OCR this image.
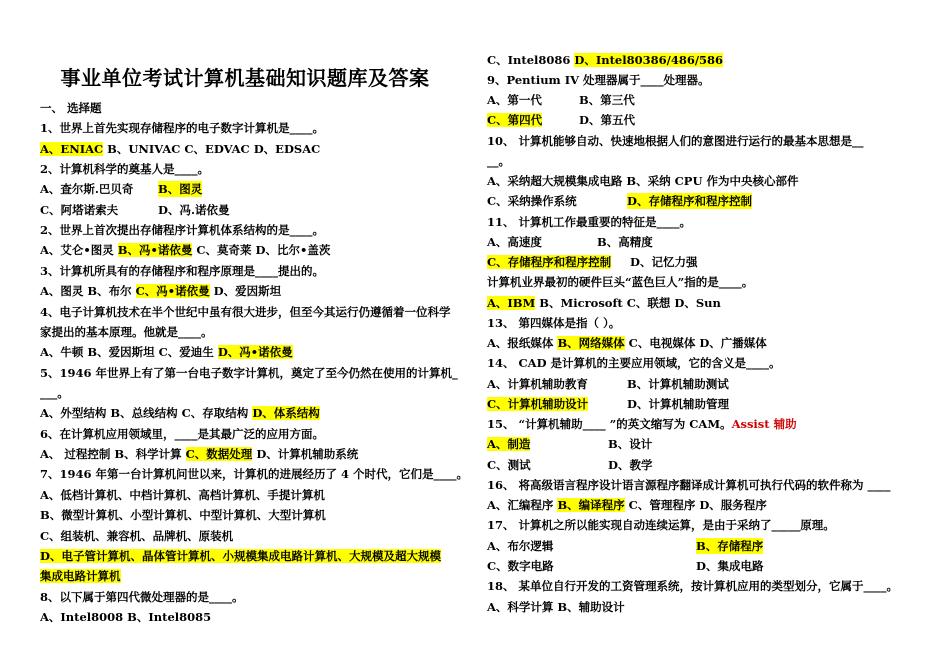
事业单位考试计算机基础知识题库及答案
一、 选择题
1、世界上首先实现存储程序的电子数字计算机是____。
A、ENIAC B、UNIVAC C、EDVAC D、EDSAC
2、计算机科学的奠基人是____。
A、查尔斯.巴贝奇 B、图灵
C、阿塔诺索夫	D、冯.诺依曼
2、世界上首次提出存储程序计算机体系结构的是____。
A、艾仑•图灵 B、冯•诺依曼 C、莫奇莱 D、比尔•盖茨
3、计算机所具有的存储程序和程序原理是____提出的。
A、图灵 B、布尔 C、冯•诺依曼 D、爱因斯坦
4、电子计算机技术在半个世纪中虽有很大进步，但至今其运行仍遵循着一位科学
家提出的基本原理。他就是____。
A、牛顿 B、爱因斯坦 C、爱迪生 D、冯•诺依曼
5、1946 年世界上有了第一台电子数字计算机，奠定了至今仍然在使用的计算机_
___。
A、外型结构 B、总线结构 C、存取结构 D、体系结构
6、在计算机应用领域里，____是其最广泛的应用方面。
A、 过程控制 B、科学计算 C、数据处理 D、计算机辅助系统
7、1946 年第一台计算机问世以来，计算机的进展经历了 4 个时代，它们是____。
A、低档计算机、中档计算机、高档计算机、手提计算机
B、微型计算机、小型计算机、中型计算机、大型计算机
C、组装机、兼容机、品牌机、原装机
D、电子管计算机、晶体管计算机、小规模集成电路计算机、大规模及超大规模
集成电路计算机
8、以下属于第四代微处理器的是____。
A、Intel8008 B、Intel8085
C、Intel8086 D、Intel80386/486/586
9、Pentium IV 处理器属于____处理器。
A、第一代	B、第三代
C、第四代	D、第五代
10、 计算机能够自动、快速地根据人们的意图进行运行的最基本思想是__
__。
A、采纳超大规模集成电路 B、采纳 CPU 作为中央核心部件
C、采纳操作系统	D、存储程序和程序控制
11、 计算机工作最重要的特征是____。
A、高速度	B、高精度
C、存储程序和程序控制 D、记忆力强
计算机业界最初的硬件巨头“蓝色巨人”指的是____。
A、IBM B、Microsoft C、联想 D、Sun
13、 第四媒体是指（ ）。
A、报纸媒体 B、网络媒体 C、电视媒体 D、广播媒体
14、 CAD 是计算机的主要应用领域，它的含义是____。
A、计算机辅助教育	B、计算机辅助测试
C、计算机辅助设计	D、计算机辅助管理
15、 “计算机辅助____ ”的英文缩写为 CAM。Assist 辅助
A、制造	B、设计
C、测试	D、教学
16、 将高级语言程序设计语言源程序翻译成计算机可执行代码的软件称为 ____
A、汇编程序 B、编译程序 C、管理程序 D、服务程序
17、 计算机之所以能实现自动连续运算，是由于采纳了_____原理。
A、布尔逻辑	B、存储程序
C、数字电路	D、集成电路
18、 某单位自行开发的工资管理系统，按计算机应用的类型划分，它属于____。
A、科学计算 B、辅助设计
